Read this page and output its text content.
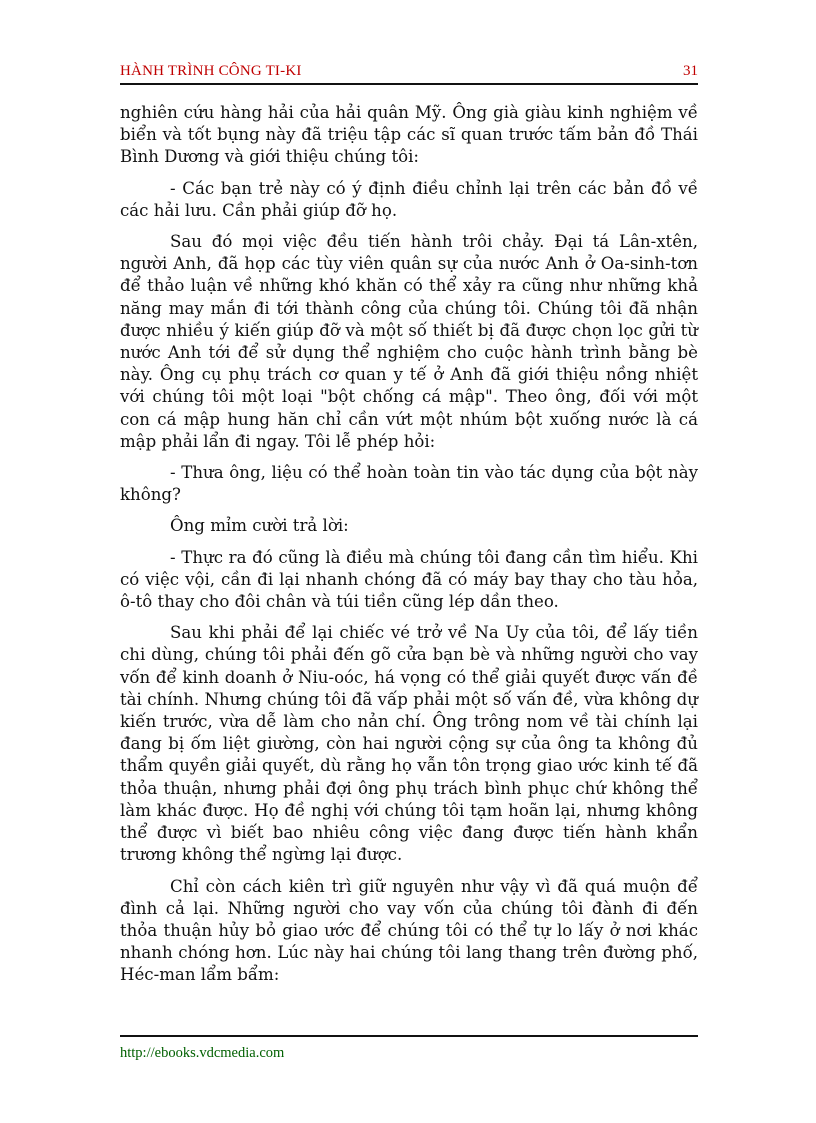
HÀNH TRÌNH CÔNG TI-KI	31

nghiên cứu hàng hải của hải quân Mỹ. Ông già giàu kinh nghiệm về biển và tốt bụng này đã triệu tập các sĩ quan trước tấm bản đồ Thái Bình Dương và giới thiệu chúng tôi:

- Các bạn trẻ này có ý định điều chỉnh lại trên các bản đồ về các hải lưu. Cần phải giúp đỡ họ.

Sau đó mọi việc đều tiến hành trôi chảy. Đại tá Lân-xtên, người Anh, đã họp các tùy viên quân sự của nước Anh ở Oa-sinh-tơn để thảo luận về những khó khăn có thể xảy ra cũng như những khả năng may mắn đi tới thành công của chúng tôi. Chúng tôi đã nhận được nhiều ý kiến giúp đỡ và một số thiết bị đã được chọn lọc gửi từ nước Anh tới để sử dụng thể nghiệm cho cuộc hành trình bằng bè này. Ông cụ phụ trách cơ quan y tế ở Anh đã giới thiệu nồng nhiệt với chúng tôi một loại "bột chống cá mập". Theo ông, đối với một con cá mập hung hăn chỉ cần vứt một nhúm bột xuống nước là cá mập phải lẩn đi ngay. Tôi lễ phép hỏi:

- Thưa ông, liệu có thể hoàn toàn tin vào tác dụng của bột này không?

Ông mỉm cười trả lời:

- Thực ra đó cũng là điều mà chúng tôi đang cần tìm hiểu. Khi có việc vội, cần đi lại nhanh chóng đã có máy bay thay cho tàu hỏa, ô-tô thay cho đôi chân và túi tiền cũng lép dần theo.

Sau khi phải để lại chiếc vé trở về Na Uy của tôi, để lấy tiền chi dùng, chúng tôi phải đến gõ cửa bạn bè và những người cho vay vốn để kinh doanh ở Niu-oóc, há vọng có thể giải quyết được vấn đề tài chính. Nhưng chúng tôi đã vấp phải một số vấn đề, vừa không dự kiến trước, vừa dễ làm cho nản chí. Ông trông nom về tài chính lại đang bị ốm liệt giường, còn hai người cộng sự của ông ta không đủ thẩm quyền giải quyết, dù rằng họ vẫn tôn trọng giao ước kinh tế đã thỏa thuận, nhưng phải đợi ông phụ trách bình phục chứ không thể làm khác được. Họ đề nghị với chúng tôi tạm hoãn lại, nhưng không thể được vì biết bao nhiêu công việc đang được tiến hành khẩn trương không thể ngừng lại được.

Chỉ còn cách kiên trì giữ nguyên như vậy vì đã quá muộn để đình cả lại. Những người cho vay vốn của chúng tôi đành đi đến thỏa thuận hủy bỏ giao ước để chúng tôi có thể tự lo lấy ở nơi khác nhanh chóng hơn. Lúc này hai chúng tôi lang thang trên đường phố, Héc-man lẩm bẩm:

http://ebooks.vdcmedia.com
